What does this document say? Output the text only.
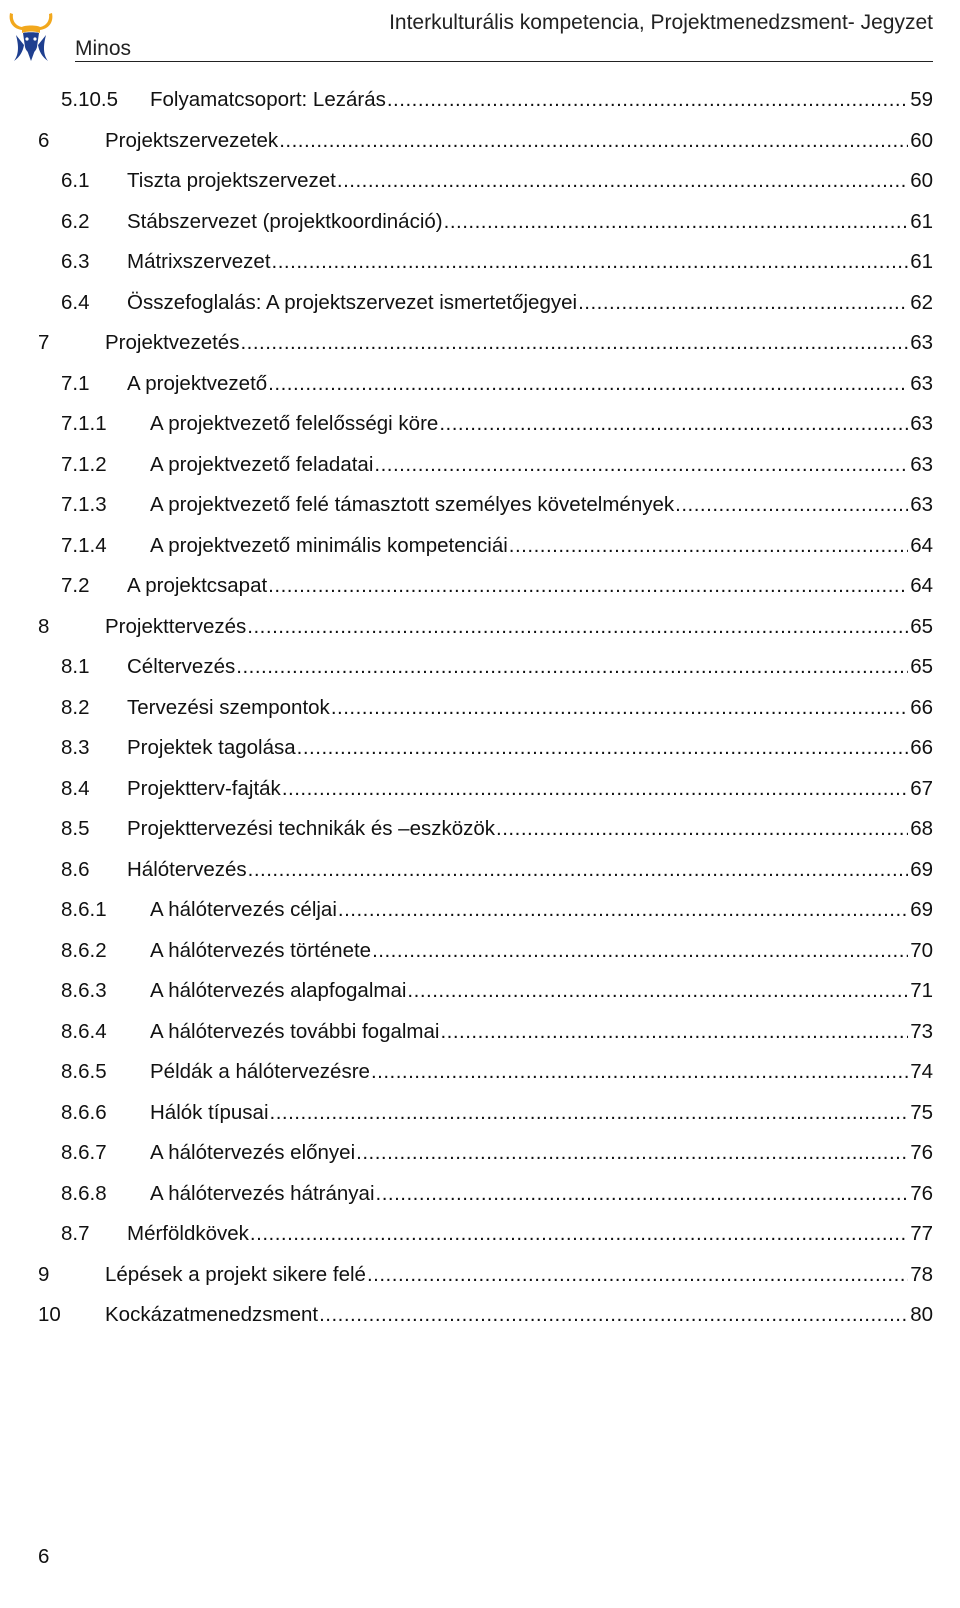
Interkulturális kompetencia, Projektmenedzsment- Jegyzet
Minos
5.10.5	Folyamatcsoport: Lezárás .....	59
6	Projektszervezetek .....	60
6.1	Tiszta projektszervezet .....	60
6.2	Stábszervezet (projektkoordináció) .....	61
6.3	Mátrixszervezet .....	61
6.4	Összefoglalás: A projektszervezet ismertetőjegyei .....	62
7	Projektvezetés .....	63
7.1	A projektvezető .....	63
7.1.1	A projektvezető felelősségi köre .....	63
7.1.2	A projektvezető feladatai .....	63
7.1.3	A projektvezető felé támasztott személyes követelmények .....	63
7.1.4	A projektvezető minimális kompetenciái .....	64
7.2	A projektcsapat .....	64
8	Projekttervezés .....	65
8.1	Céltervezés .....	65
8.2	Tervezési szempontok .....	66
8.3	Projektek tagolása .....	66
8.4	Projektterv-fajták .....	67
8.5	Projekttervezési technikák és –eszközök .....	68
8.6	Hálótervezés .....	69
8.6.1	A hálótervezés céljai .....	69
8.6.2	A hálótervezés története .....	70
8.6.3	A hálótervezés alapfogalmai .....	71
8.6.4	A hálótervezés további fogalmai .....	73
8.6.5	Példák a hálótervezésre .....	74
8.6.6	Hálók típusai .....	75
8.6.7	A hálótervezés előnyei .....	76
8.6.8	A hálótervezés hátrányai .....	76
8.7	Mérföldkövek .....	77
9	Lépések a projekt sikere felé .....	78
10	Kockázatmenedzsment .....	80
6
